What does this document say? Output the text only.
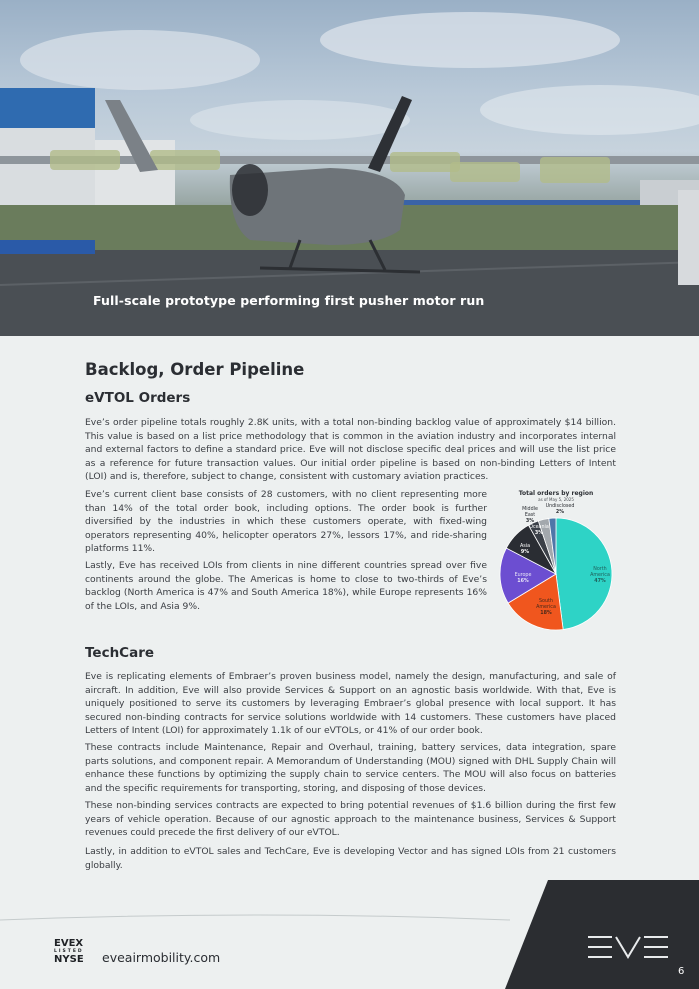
Full-scale prototype performing first pusher motor run
Backlog, Order Pipeline
eVTOL Orders

Eve’s order pipeline totals roughly 2.8K units, with a total non-binding backlog value of approximately $14 billion. This value is based on a list price methodology that is common in the aviation industry and incorporates internal and external factors to define a standard price. Eve will not disclose specific deal prices and will use the list price as a reference for future transaction values. Our initial order pipeline is based on non-binding Letters of Intent (LOI) and is, therefore, subject to change, consistent with customary aviation practices.

Eve’s current client base consists of 28 customers, with no client representing more than 14% of the total order book, including options. The order book is further diversified by the industries in which these customers operate, with fixed-wing operators representing 40%, helicopter operators 27%, lessors 17%, and ride-sharing platforms 11%.

Lastly, Eve has received LOIs from clients in nine different countries spread over five continents around the globe. The Americas is home to close to two-thirds of Eve’s backlog (North America is 47% and South America 18%), while Europe represents 16% of the LOIs, and Asia 9%.

Total orders by region
as of May 5, 2025
North
America
47%
South
America
18%
Europe
16%
Asia
9%
Oceania
3%
Middle
East
3%
Undisclosed
2%
TechCare

Eve is replicating elements of Embraer’s proven business model, namely the design, manufacturing, and sale of aircraft. In addition, Eve will also provide Services & Support on an agnostic basis worldwide. With that, Eve is uniquely positioned to serve its customers by leveraging Embraer’s global presence with local support. It has secured non-binding contracts for service solutions worldwide with 14 customers. These customers have placed Letters of Intent (LOI) for approximately 1.1k of our eVTOLs, or 41% of our order book.

These contracts include Maintenance, Repair and Overhaul, training, battery services, data integration, spare parts solutions, and component repair. A Memorandum of Understanding (MOU) signed with DHL Supply Chain will enhance these functions by optimizing the supply chain to service centers. The MOU will also focus on batteries and the specific requirements for transporting, storing, and disposing of those devices.

These non-binding services contracts are expected to bring potential revenues of $1.6 billion during the first few years of vehicle operation. Because of our agnostic approach to the maintenance business, Services & Support revenues could precede the first delivery of our eVTOL.

Lastly, in addition to eVTOL sales and TechCare, Eve is developing Vector and has signed LOIs from 21 customers globally.

EVEX
LISTED
NYSE eveairmobility.com
6
